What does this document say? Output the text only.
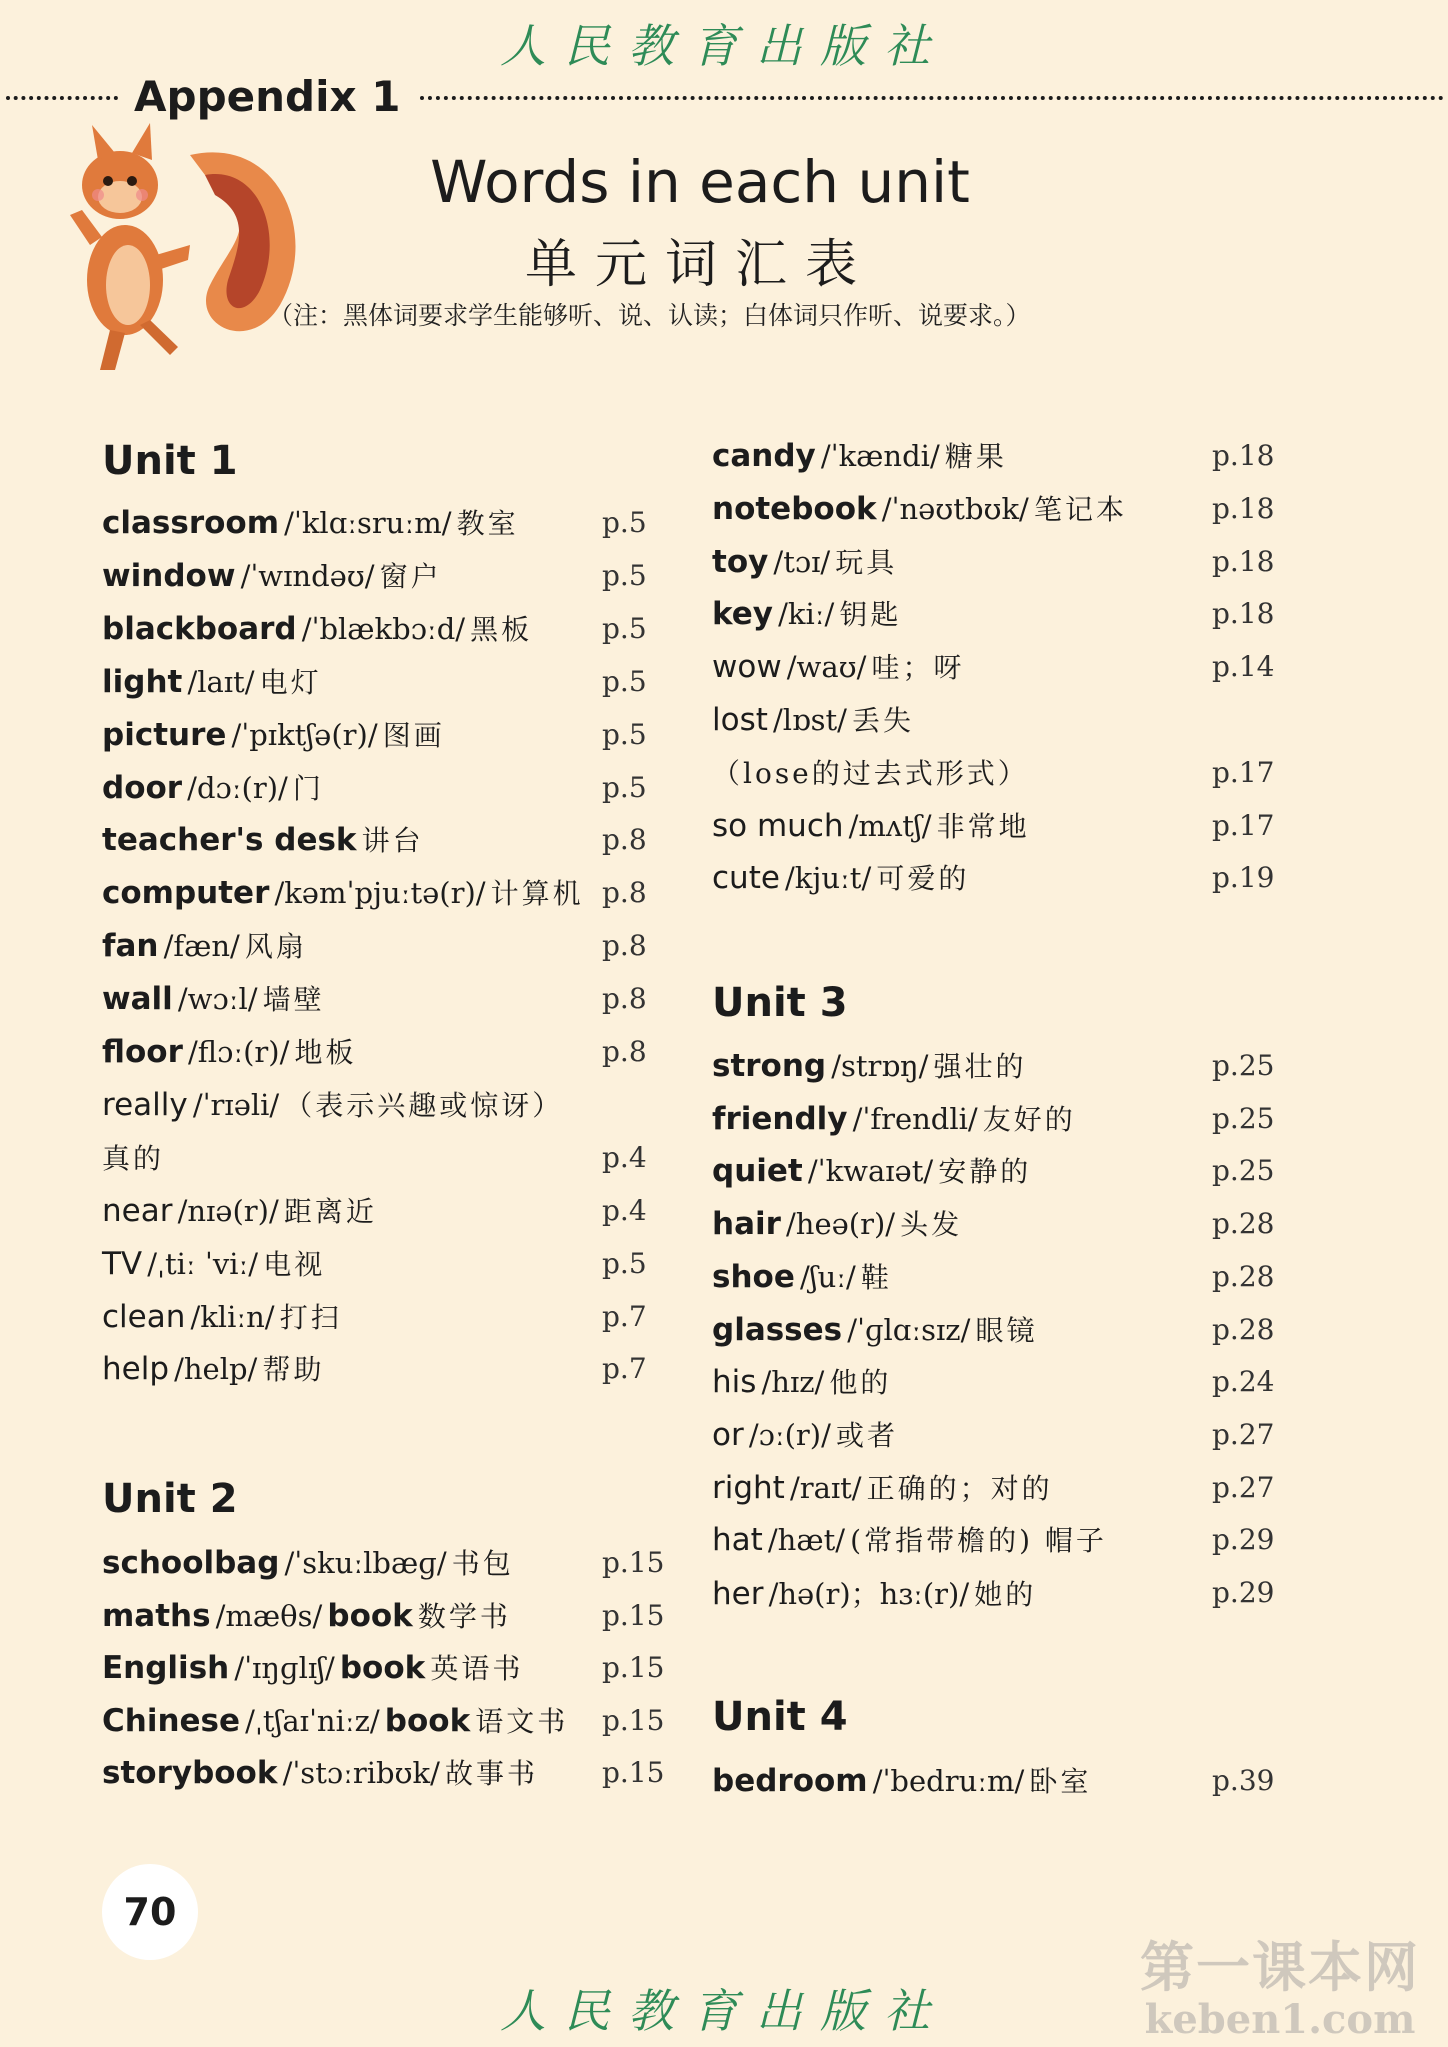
人民教育出版社
Appendix 1
Words in each unit
单元词汇表
（注：黑体词要求学生能够听、说、认读；白体词只作听、说要求。）
Unit 1
classroom /ˈklɑːsruːm/ 教室	p.5
window /ˈwɪndəʊ/ 窗户	p.5
blackboard /ˈblækbɔːd/ 黑板 p.5
light /laɪt/ 电灯	p.5
picture /ˈpɪktʃə(r)/ 图画	p.5
door /dɔː(r)/ 门	p.5
teacher's desk 讲台	p.8
computer /kəmˈpjuːtə(r)/ 计算机 p.8
fan /fæn/ 风扇	p.8
wall /wɔːl/ 墙壁	p.8
floor /flɔː(r)/ 地板	p.8
really /ˈrɪəli/ （表示兴趣或惊讶）
真的	p.4
near /nɪə(r)/ 距离近	p.4
TV /ˌtiː ˈviː/ 电视	p.5
clean /kliːn/ 打扫	p.7
help /help/ 帮助	p.7
Unit 2
schoolbag /ˈskuːlbæɡ/ 书包	p.15
maths /mæθs/ book 数学书	p.15
English /ˈɪŋɡlɪʃ/ book 英语书	p.15
Chinese /ˌtʃaɪˈniːz/ book 语文书 p.15
storybook /ˈstɔːribʊk/ 故事书 p.15
candy /ˈkændi/ 糖果	p.18
notebook /ˈnəʊtbʊk/ 笔记本	p.18
toy /tɔɪ/ 玩具	p.18
key /kiː/ 钥匙	p.18
wow /waʊ/ 哇；呀	p.14
lost /lɒst/ 丢失
（lose的过去式形式）	p.17
so much /mʌtʃ/ 非常地	p.17
cute /kjuːt/ 可爱的	p.19
Unit 3
strong /strɒŋ/ 强壮的	p.25
friendly /ˈfrendli/ 友好的	p.25
quiet /ˈkwaɪət/ 安静的	p.25
hair /heə(r)/ 头发	p.28
shoe /ʃuː/ 鞋	p.28
glasses /ˈɡlɑːsɪz/ 眼镜	p.28
his /hɪz/ 他的	p.24
or /ɔː(r)/ 或者	p.27
right /raɪt/ 正确的；对的	p.27
hat /hæt/ (常指带檐的) 帽子	p.29
her /hə(r)；hɜː(r)/ 她的	p.29
Unit 4
bedroom /ˈbedruːm/ 卧室	p.39
70
第一课本网
keben1.com
人民教育出版社
